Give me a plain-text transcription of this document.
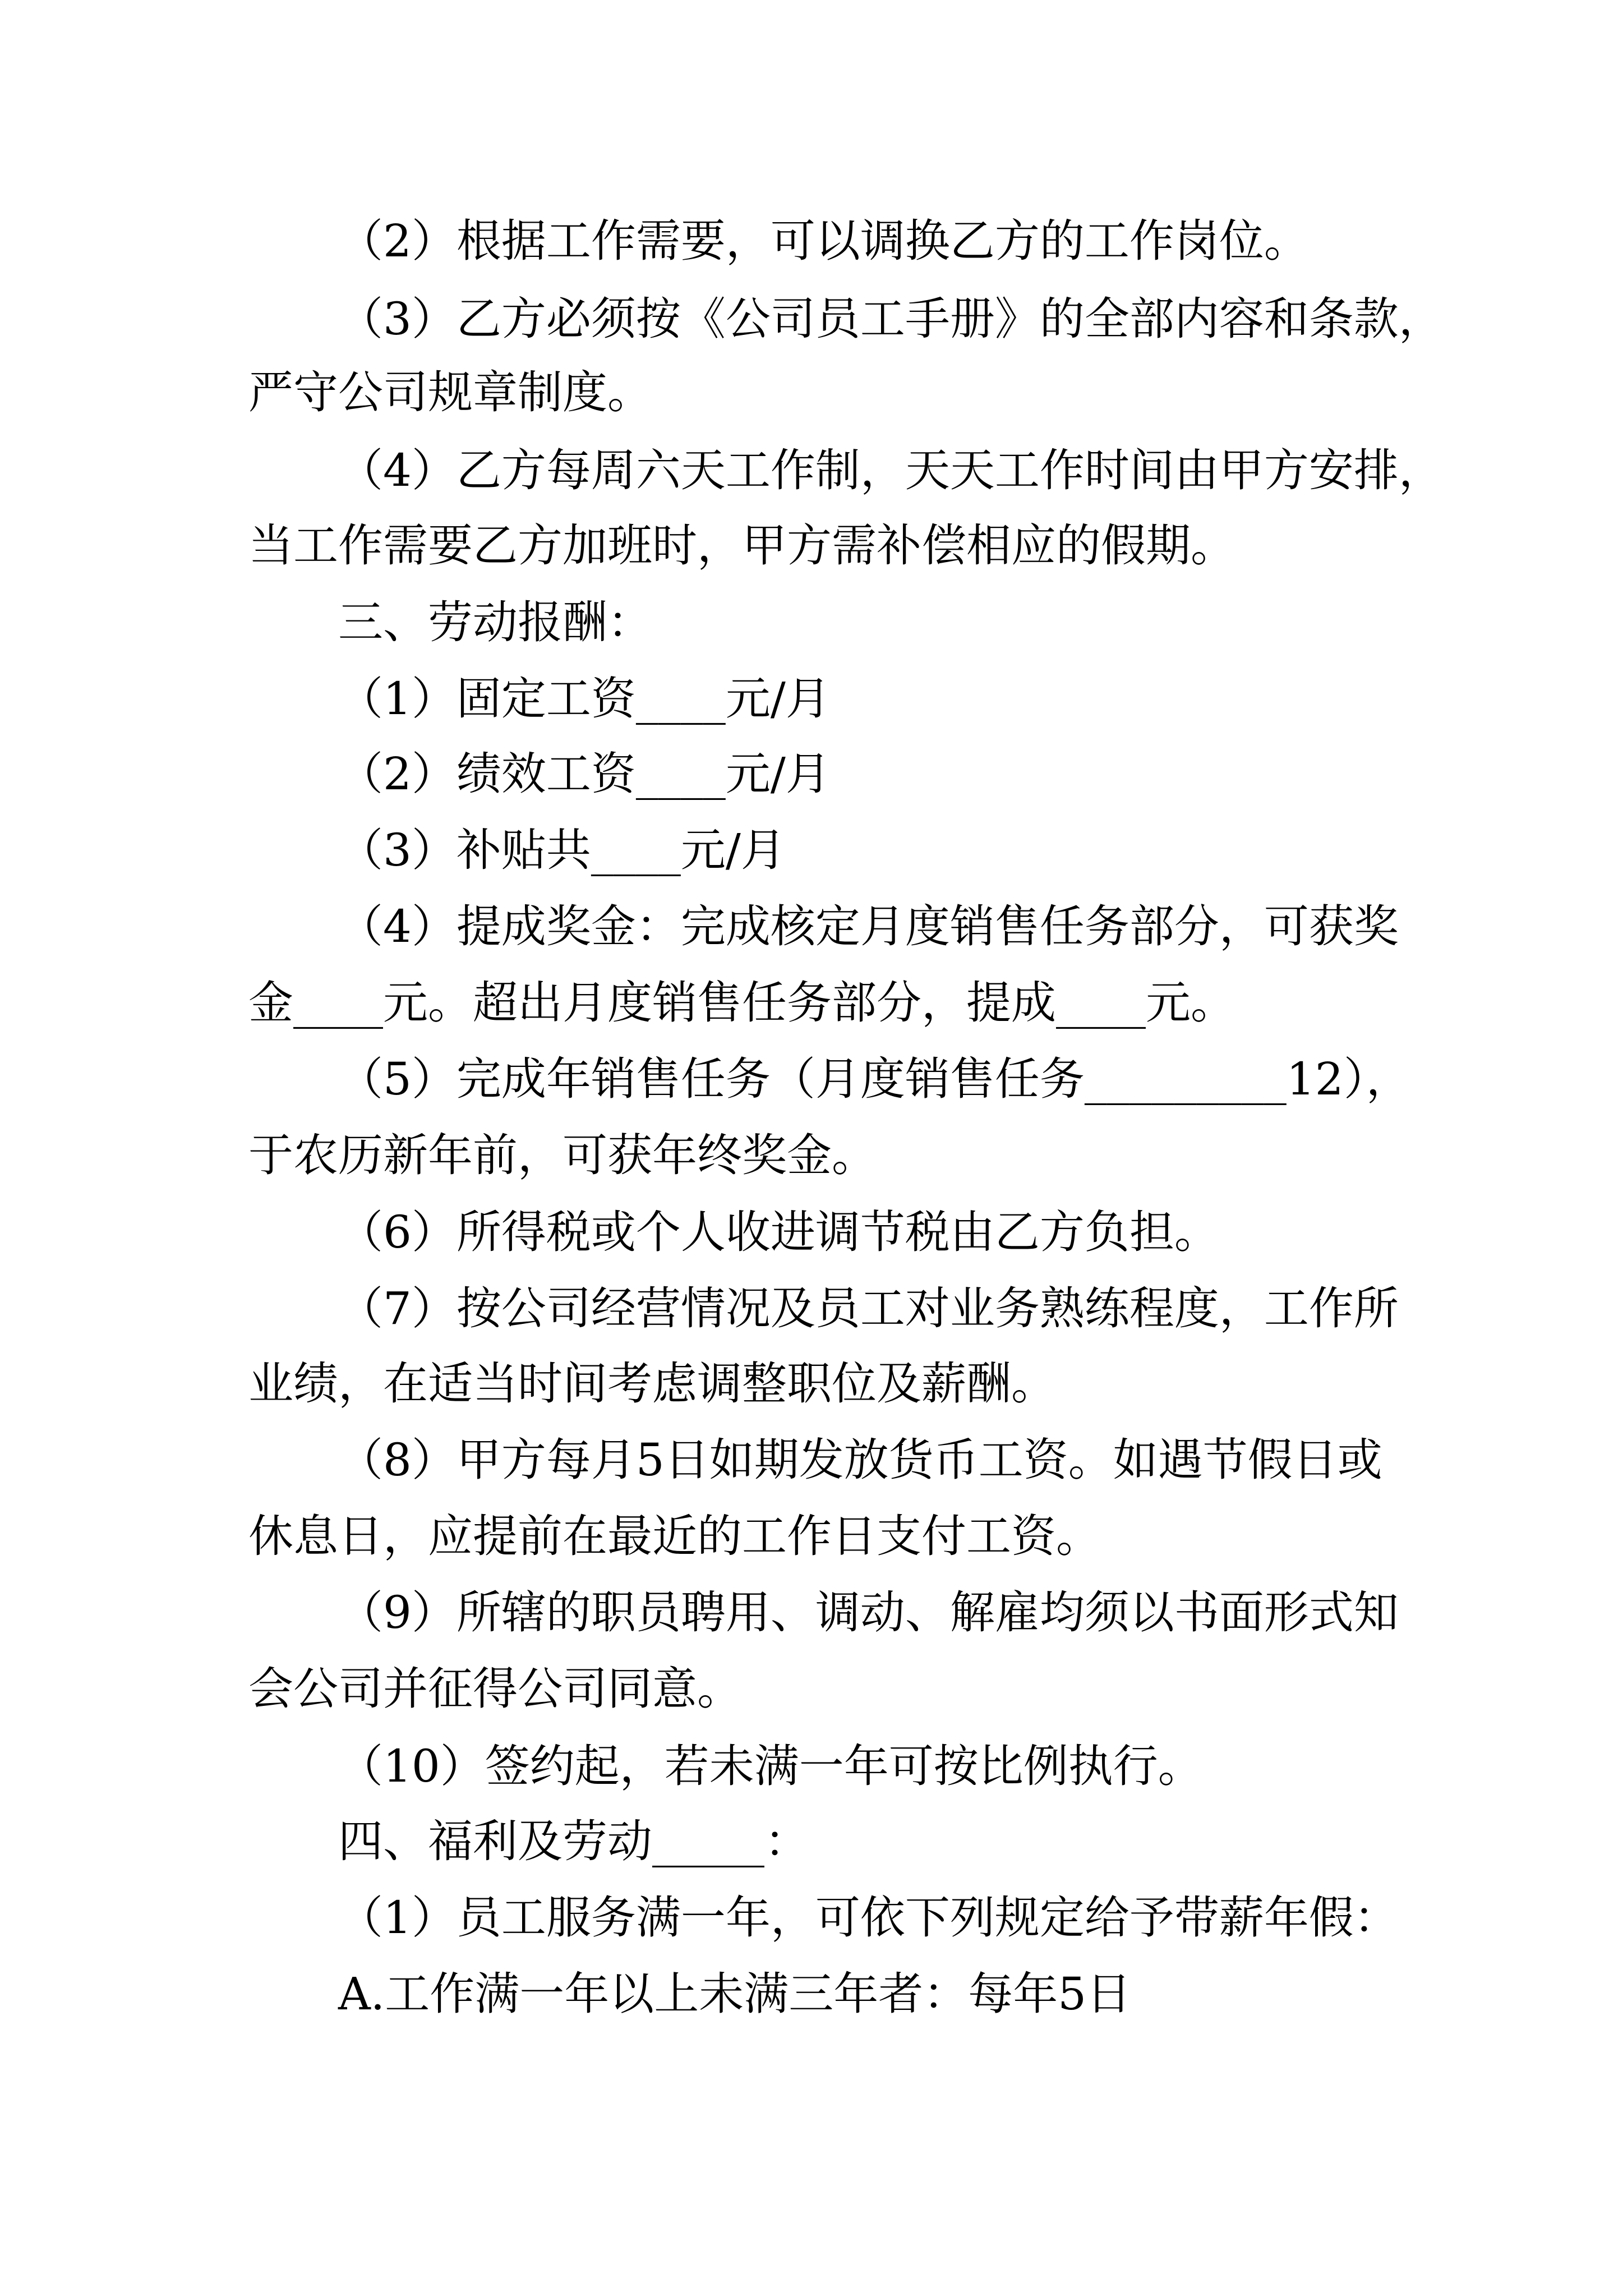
（2）根据工作需要，可以调换乙方的工作岗位。
（3）乙方必须按《公司员工手册》的全部内容和条款，
严守公司规章制度。
（4）乙方每周六天工作制，天天工作时间由甲方安排，
当工作需要乙方加班时，甲方需补偿相应的假期。
三、劳动报酬：
（1）固定工资____元/月
（2）绩效工资____元/月
（3）补贴共____元/月
（4）提成奖金：完成核定月度销售任务部分，可获奖
金____元。超出月度销售任务部分，提成____元。
（5）完成年销售任务（月度销售任务_________12），
于农历新年前，可获年终奖金。
（6）所得税或个人收进调节税由乙方负担。
（7）按公司经营情况及员工对业务熟练程度，工作所
业绩，在适当时间考虑调整职位及薪酬。
（8）甲方每月5日如期发放货币工资。如遇节假日或
休息日，应提前在最近的工作日支付工资。
（9）所辖的职员聘用、调动、解雇均须以书面形式知
会公司并征得公司同意。
（10）签约起，若未满一年可按比例执行。
四、福利及劳动_____：
（1）员工服务满一年，可依下列规定给予带薪年假：
A.工作满一年以上未满三年者：每年5日
